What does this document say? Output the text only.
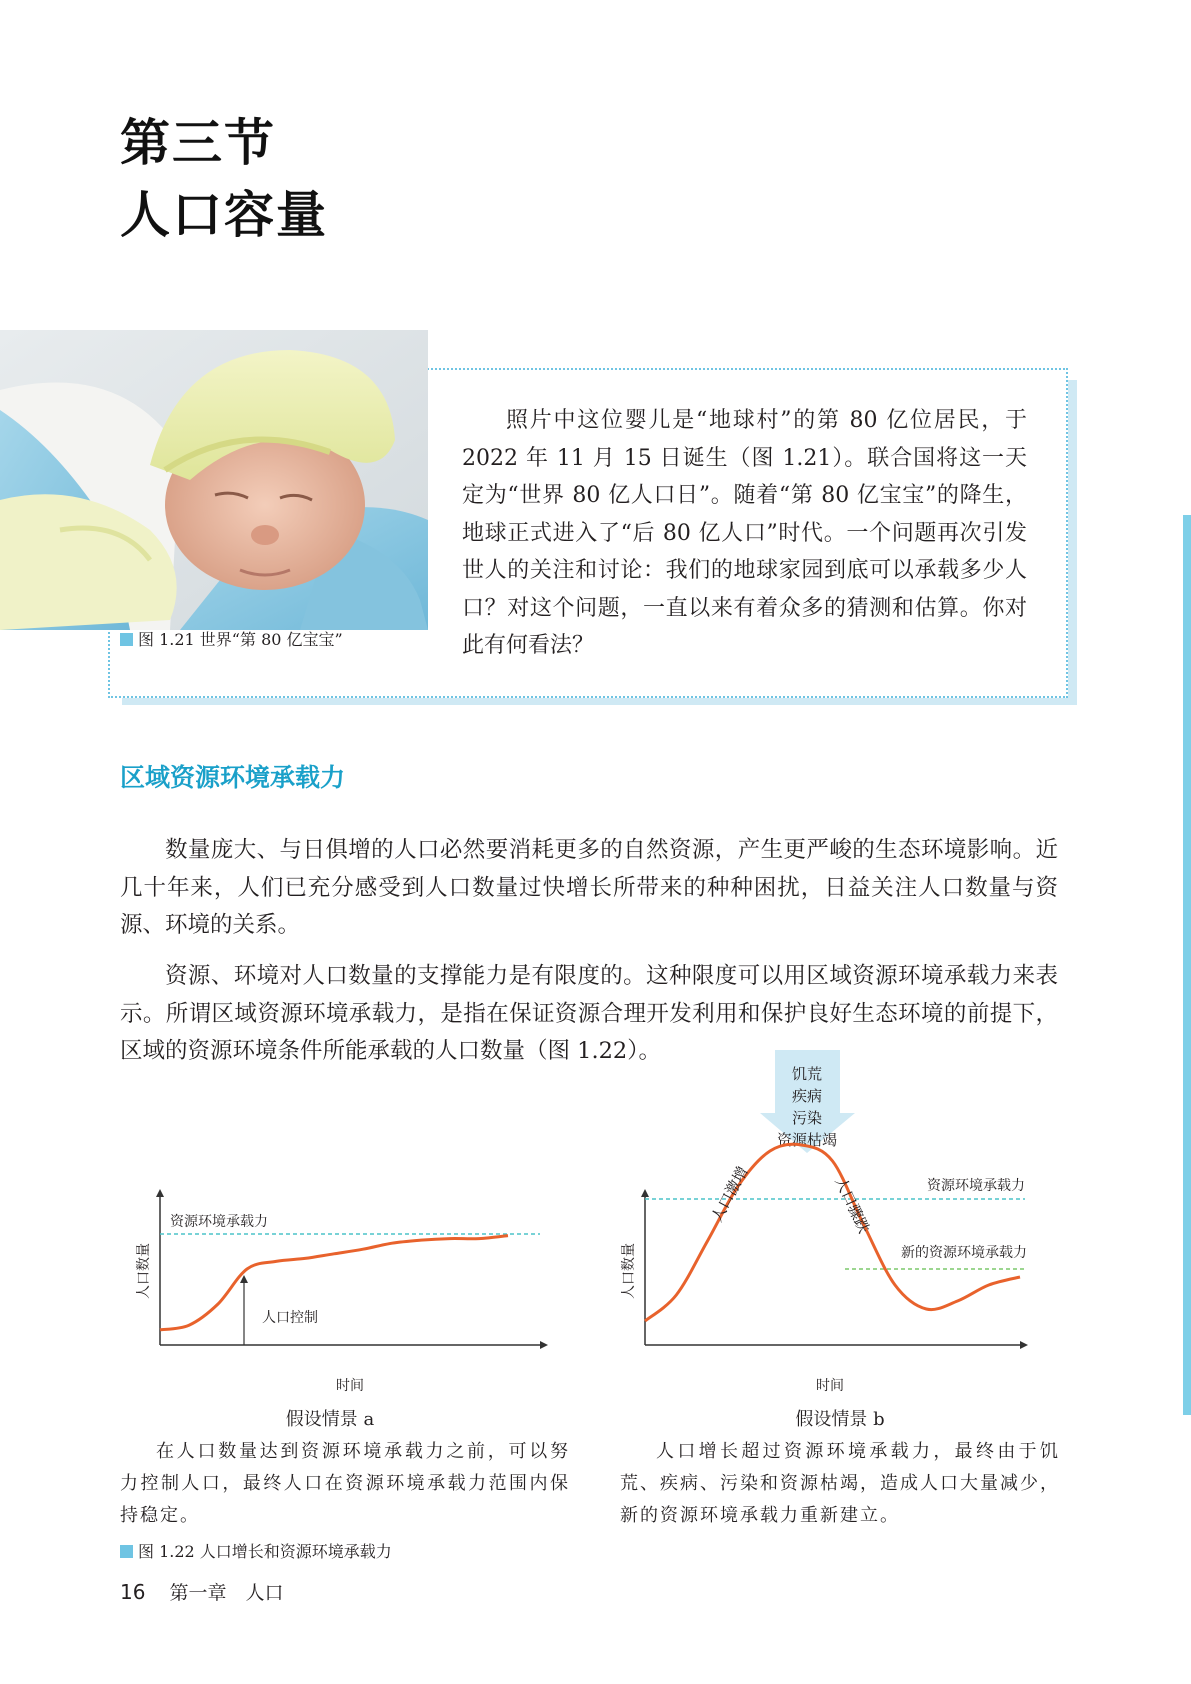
第三节
人口容量
图 1.21 世界“第 80 亿宝宝”
照片中这位婴儿是“地球村”的第 80 亿位居民，于 2022 年 11 月 15 日诞生（图 1.21）。联合国将这一天定为“世界 80 亿人口日”。随着“第 80 亿宝宝”的降生，地球正式进入了“后 80 亿人口”时代。一个问题再次引发世人的关注和讨论：我们的地球家园到底可以承载多少人口？对这个问题，一直以来有着众多的猜测和估算。你对此有何看法？
区域资源环境承载力
数量庞大、与日俱增的人口必然要消耗更多的自然资源，产生更严峻的生态环境影响。近几十年来，人们已充分感受到人口数量过快增长所带来的种种困扰，日益关注人口数量与资源、环境的关系。
资源、环境对人口数量的支撑能力是有限度的。这种限度可以用区域资源环境承载力来表示。所谓区域资源环境承载力，是指在保证资源合理开发利用和保护良好生态环境的前提下，区域的资源环境条件所能承载的人口数量（图 1.22）。
资源环境承载力
人口控制
人口数量
时间
饥荒
疾病
污染
资源枯竭
资源环境承载力
新的资源环境承载力
人口激增	人口骤跌
人口数量
时间
假设情景 a	假设情景 b
在人口数量达到资源环境承载力之前，可以努力控制人口，最终人口在资源环境承载力范围内保持稳定。
人口增长超过资源环境承载力，最终由于饥荒、疾病、污染和资源枯竭，造成人口大量减少，新的资源环境承载力重新建立。
图 1.22 人口增长和资源环境承载力
16 第一章　人口
